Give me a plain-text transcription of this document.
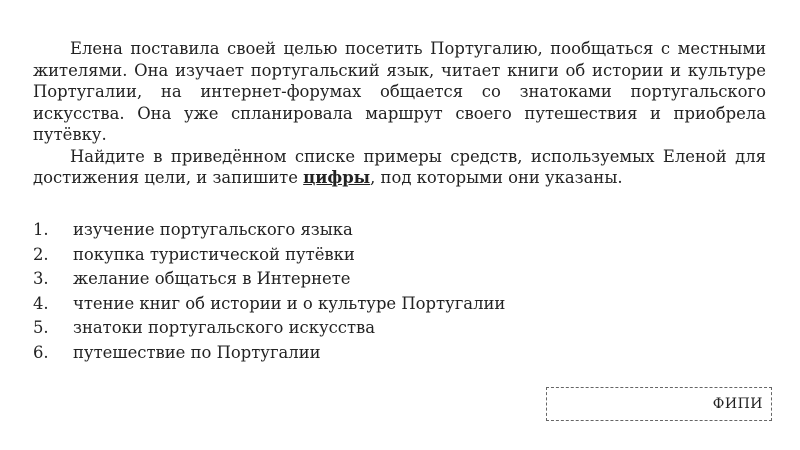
Елена поставила своей целью посетить Португалию, пообщаться с местными жителями. Она изучает португальский язык, читает книги об истории и культуре Португалии, на интернет-форумах общается со знатоками португальского искусства. Она уже спланировала маршрут своего путешествия и приобрела путёвку.

Найдите в приведённом списке примеры средств, используемых Еленой для достижения цели, и запишите цифры, под которыми они указаны.

1.	изучение португальского языка
2.	покупка туристической путёвки
3.	желание общаться в Интернете
4.	чтение книг об истории и о культуре Португалии
5.	знатоки португальского искусства
6.	путешествие по Португалии
ФИПИ
